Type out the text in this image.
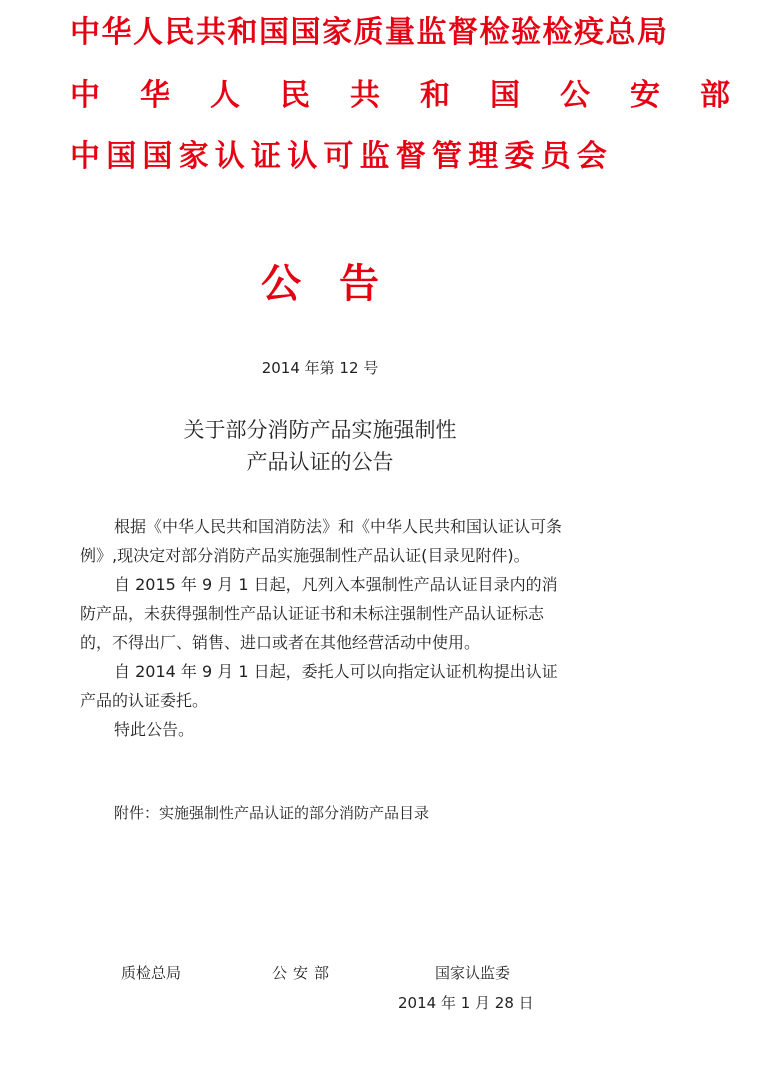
中华人民共和国国家质量监督检验检疫总局
中华人民共和国公安部
中国国家认证认可监督管理委员会
公告
2014 年第 12 号
关于部分消防产品实施强制性
产品认证的公告

根据《中华人民共和国消防法》和《中华人民共和国认证认可条例》,现决定对部分消防产品实施强制性产品认证(目录见附件)。

自 2015 年 9 月 1 日起，凡列入本强制性产品认证目录内的消防产品，未获得强制性产品认证证书和未标注强制性产品认证标志的，不得出厂、销售、进口或者在其他经营活动中使用。

自 2014 年 9 月 1 日起，委托人可以向指定认证机构提出认证产品的认证委托。

特此公告。

附件：实施强制性产品认证的部分消防产品目录
质检总局	公安部	国家认监委
2014 年 1 月 28 日
